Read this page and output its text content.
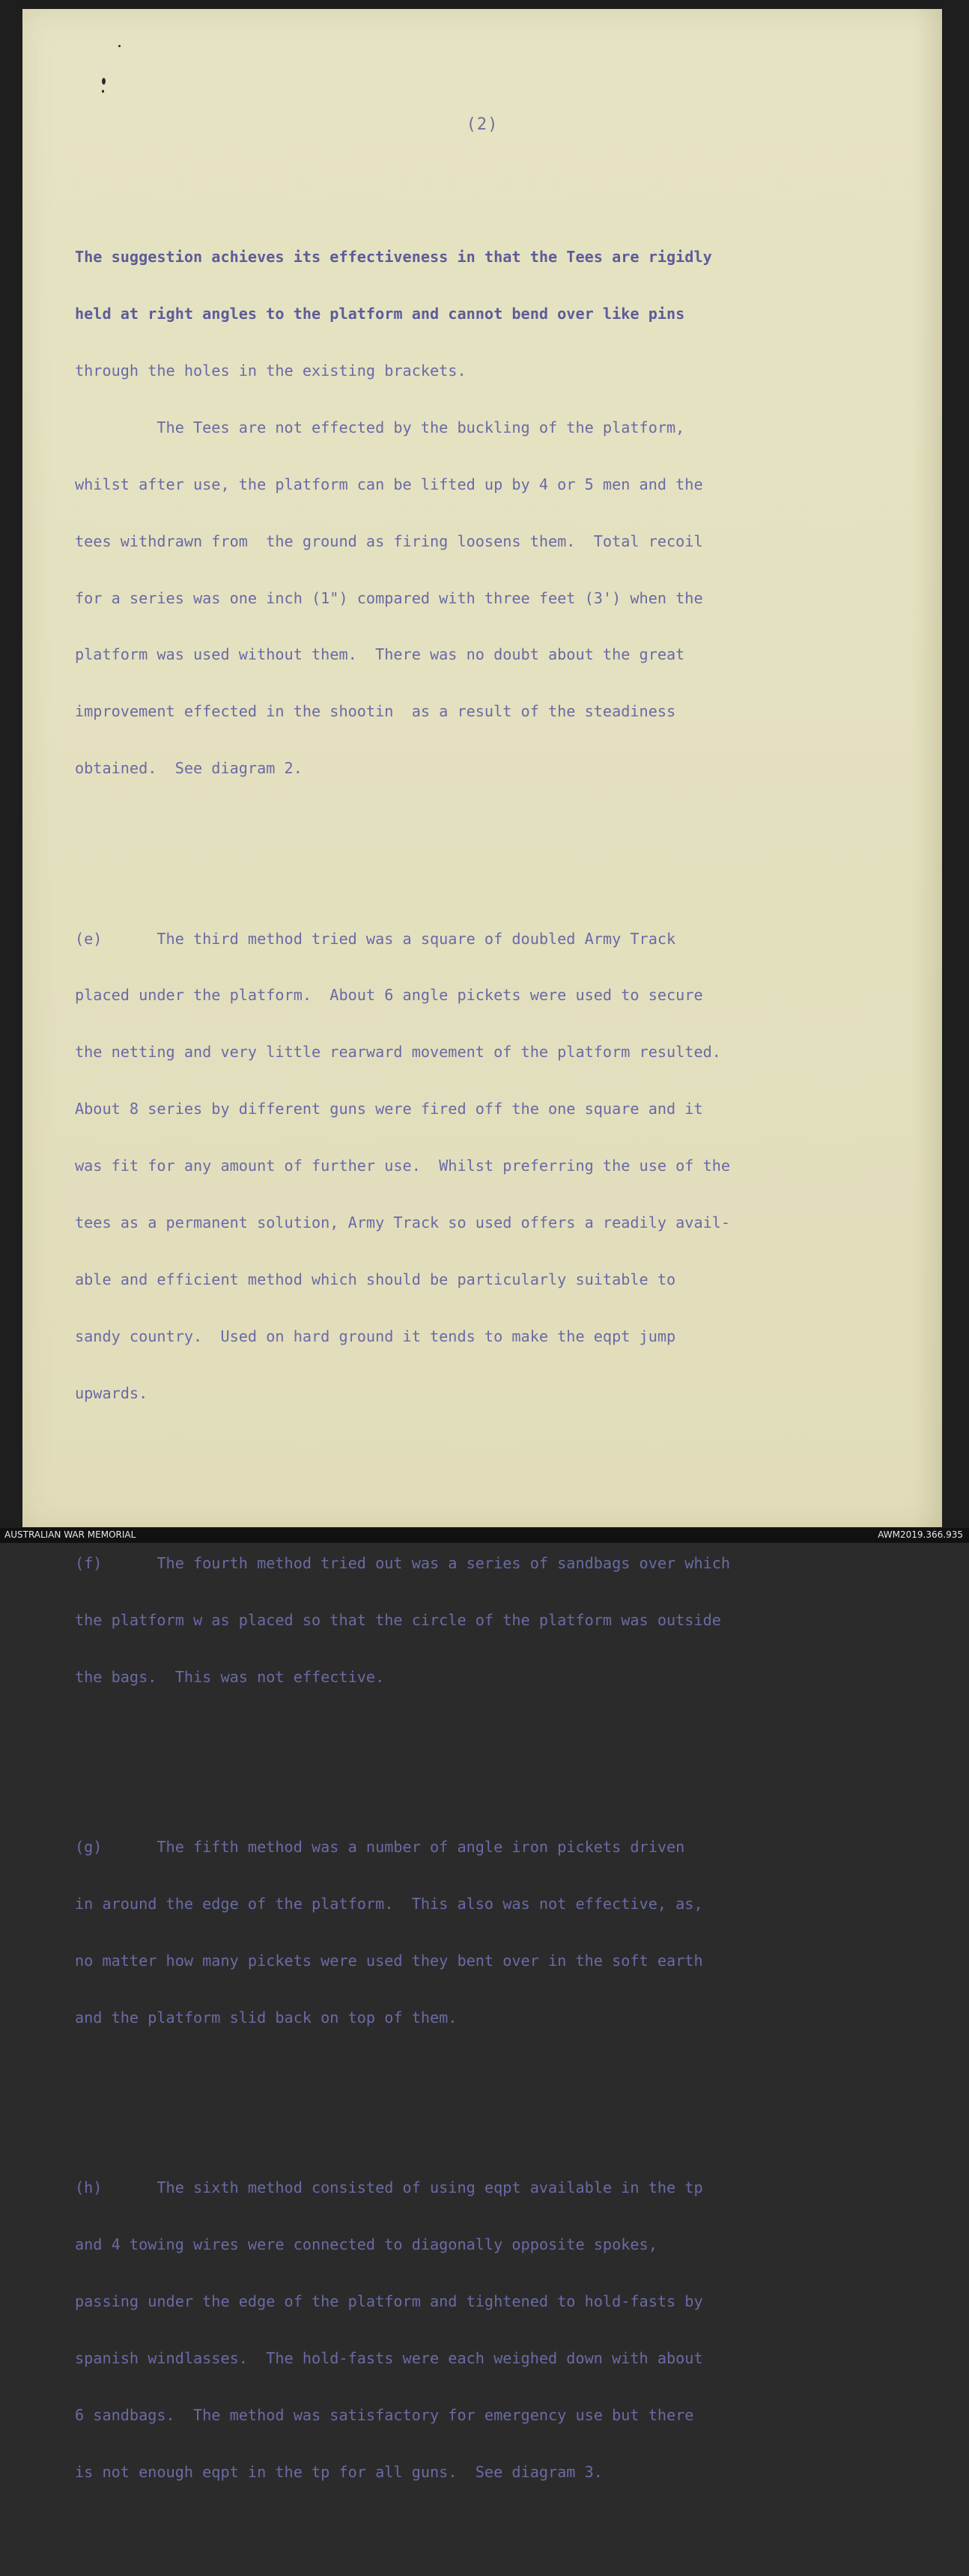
(2)

The suggestion achieves its effectiveness in that the Tees are rigidly

held at right angles to the platform and cannot bend over like pins

through the holes in the existing brackets.

The Tees are not effected by the buckling of the platform,

whilst after use, the platform can be lifted up by 4 or 5 men and the

tees withdrawn from  the ground as firing loosens them.  Total recoil

for a series was one inch (1") compared with three feet (3') when the

platform was used without them.  There was no doubt about the great

improvement effected in the shootin  as a result of the steadiness

obtained.  See diagram 2.

(e)      The third method tried was a square of doubled Army Track

placed under the platform.  About 6 angle pickets were used to secure

the netting and very little rearward movement of the platform resulted.

About 8 series by different guns were fired off the one square and it

was fit for any amount of further use.  Whilst preferring the use of the

tees as a permanent solution, Army Track so used offers a readily avail-

able and efficient method which should be particularly suitable to

sandy country.  Used on hard ground it tends to make the eqpt jump

upwards.

(f)      The fourth method tried out was a series of sandbags over which

the platform w as placed so that the circle of the platform was outside

the bags.  This was not effective.

(g)      The fifth method was a number of angle iron pickets driven

in around the edge of the platform.  This also was not effective, as,

no matter how many pickets were used they bent over in the soft earth

and the platform slid back on top of them.

(h)      The sixth method consisted of using eqpt available in the tp

and 4 towing wires were connected to diagonally opposite spokes,

passing under the edge of the platform and tightened to hold-fasts by

spanish windlasses.  The hold-fasts were each weighed down with about

6 sandbags.  The method was satisfactory for emergency use but there

is not enough eqpt in the tp for all guns.  See diagram 3.

AUSTRALIAN WAR MEMORIAL	AWM2019.366.935
